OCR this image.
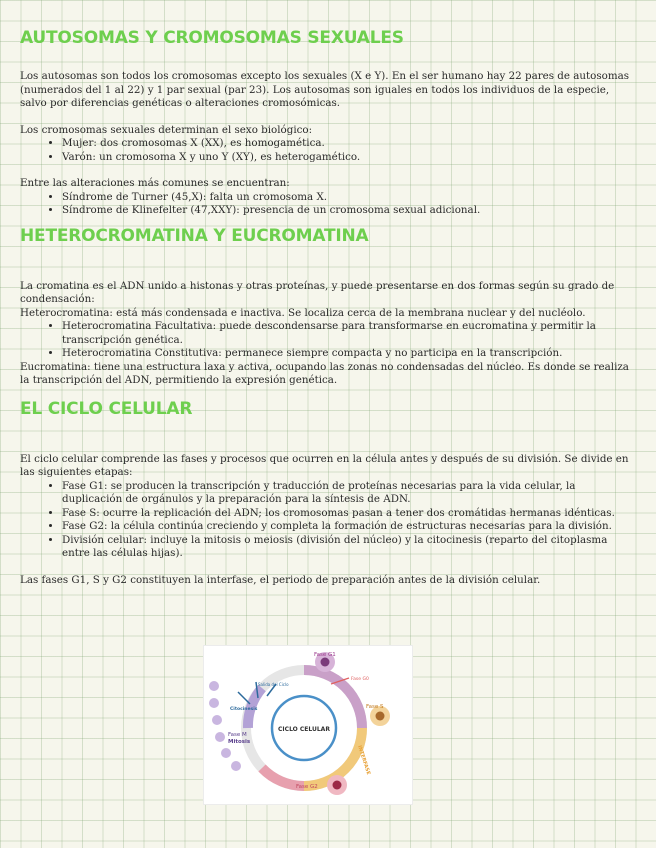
AUTOSOMAS Y CROMOSOMAS SEXUALES

Los autosomas son todos los cromosomas excepto los sexuales (X e Y). En el ser humano hay 22 pares de autosomas (numerados del 1 al 22) y 1 par sexual (par 23). Los autosomas son iguales en todos los individuos de la especie, salvo por diferencias genéticas o alteraciones cromosómicas.

Los cromosomas sexuales determinan el sexo biológico:

• Mujer: dos cromosomas X (XX), es homogamética.
• Varón: un cromosoma X y uno Y (XY), es heterogamético.

Entre las alteraciones más comunes se encuentran:

• Síndrome de Turner (45,X): falta un cromosoma X.
• Síndrome de Klinefelter (47,XXY): presencia de un cromosoma sexual adicional.
HETEROCROMATINA Y EUCROMATINA

La cromatina es el ADN unido a histonas y otras proteínas, y puede presentarse en dos formas según su grado de condensación:

Heterocromatina: está más condensada e inactiva. Se localiza cerca de la membrana nuclear y del nucléolo.

• Heterocromatina Facultativa: puede descondensarse para transformarse en eucromatina y permitir la transcripción genética.
• Heterocromatina Constitutiva: permanece siempre compacta y no participa en la transcripción.

Eucromatina: tiene una estructura laxa y activa, ocupando las zonas no condensadas del núcleo. Es donde se realiza la transcripción del ADN, permitiendo la expresión genética.

EL CICLO CELULAR

El ciclo celular comprende las fases y procesos que ocurren en la célula antes y después de su división. Se divide en las siguientes etapas:

• Fase G1: se producen la transcripción y traducción de proteínas necesarias para la vida celular, la duplicación de orgánulos y la preparación para la síntesis de ADN.
• Fase S: ocurre la replicación del ADN; los cromosomas pasan a tener dos cromátidas hermanas idénticas.
• Fase G2: la célula continúa creciendo y completa la formación de estructuras necesarias para la división.
• División celular: incluye la mitosis o meiosis (división del núcleo) y la citocinesis (reparto del citoplasma entre las células hijas).

Las fases G1, S y G2 constituyen la interfase, el periodo de preparación antes de la división celular.

CICLO CELULAR
Fase G1
Fase S
Fase G2
Fase M
Mitosis
Fase G0
Salida del Ciclo
Citocinesis
INTERFASE
